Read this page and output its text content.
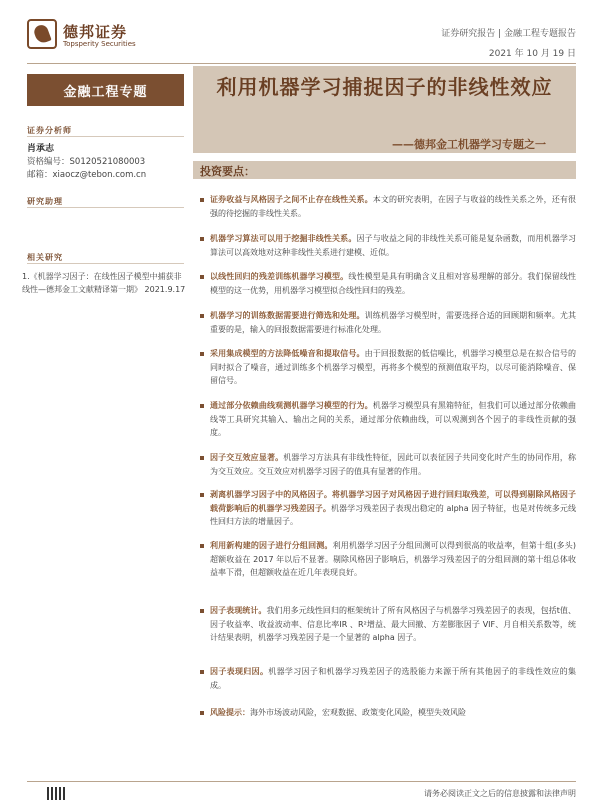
德邦证券
Topsperity Securities
证券研究报告 | 金融工程专题报告
2021 年 10 月 19 日
金融工程专题
证券分析师
肖承志
资格编号：S0120521080003
邮箱：xiaocz@tebon.com.cn
研究助理
相关研究
1.《机器学习因子：在线性因子模型中捕获非线性—德邦金工文献精译第一期》 2021.9.17
利用机器学习捕捉因子的非线性效应
——德邦金工机器学习专题之一
投资要点：
证券收益与风格因子之间不止存在线性关系。本文的研究表明，在因子与收益的线性关系之外，还有很强的待挖掘的非线性关系。
机器学习算法可以用于挖掘非线性关系。因子与收益之间的非线性关系可能是复杂函数，而用机器学习算法可以高效地对这种非线性关系进行建模、近似。
以线性回归的残差训练机器学习模型。线性模型是具有明确含义且相对容易理解的部分。我们保留线性模型的这一优势，用机器学习模型拟合线性回归的残差。
机器学习的训练数据需要进行筛选和处理。训练机器学习模型时，需要选择合适的回顾期和频率。尤其重要的是，输入的回报数据需要进行标准化处理。
采用集成模型的方法降低噪音和提取信号。由于回报数据的低信噪比，机器学习模型总是在拟合信号的同时拟合了噪音，通过训练多个机器学习模型，再将多个模型的预测值取平均，以尽可能消除噪音、保留信号。
通过部分依赖曲线观测机器学习模型的行为。机器学习模型具有黑箱特征，但我们可以通过部分依赖曲线等工具研究其输入、输出之间的关系，通过部分依赖曲线，可以观测到各个因子的非线性贡献的强度。
因子交互效应显著。机器学习方法具有非线性特征，因此可以表征因子共同变化时产生的协同作用，称为交互效应。交互效应对机器学习因子的值具有显著的作用。
剥离机器学习因子中的风格因子。将机器学习因子对风格因子进行回归取残差，可以得到剔除风格因子载荷影响后的机器学习残差因子。机器学习残差因子表现出稳定的 alpha 因子特征，也是对传统多元线性回归方法的增量因子。
利用新构建的因子进行分组回测。利用机器学习因子分组回测可以得到很高的收益率，但第十组(多头)超额收益在 2017 年以后不显著。剔除风格因子影响后，机器学习残差因子的分组回测的第十组总体收益率下滑，但超额收益在近几年表现良好。
因子表现统计。我们用多元线性回归的框架统计了所有风格因子与机器学习残差因子的表现，包括t值、因子收益率、收益波动率、信息比率IR 、R²增益、最大回撤、方差膨胀因子 VIF、月自相关系数等，统计结果表明，机器学习残差因子是一个显著的 alpha 因子。
因子表现归因。机器学习因子和机器学习残差因子的选股能力来源于所有其他因子的非线性效应的集成。
风险提示：海外市场波动风险，宏观数据、政策变化风险，模型失效风险
请务必阅读正文之后的信息披露和法律声明
